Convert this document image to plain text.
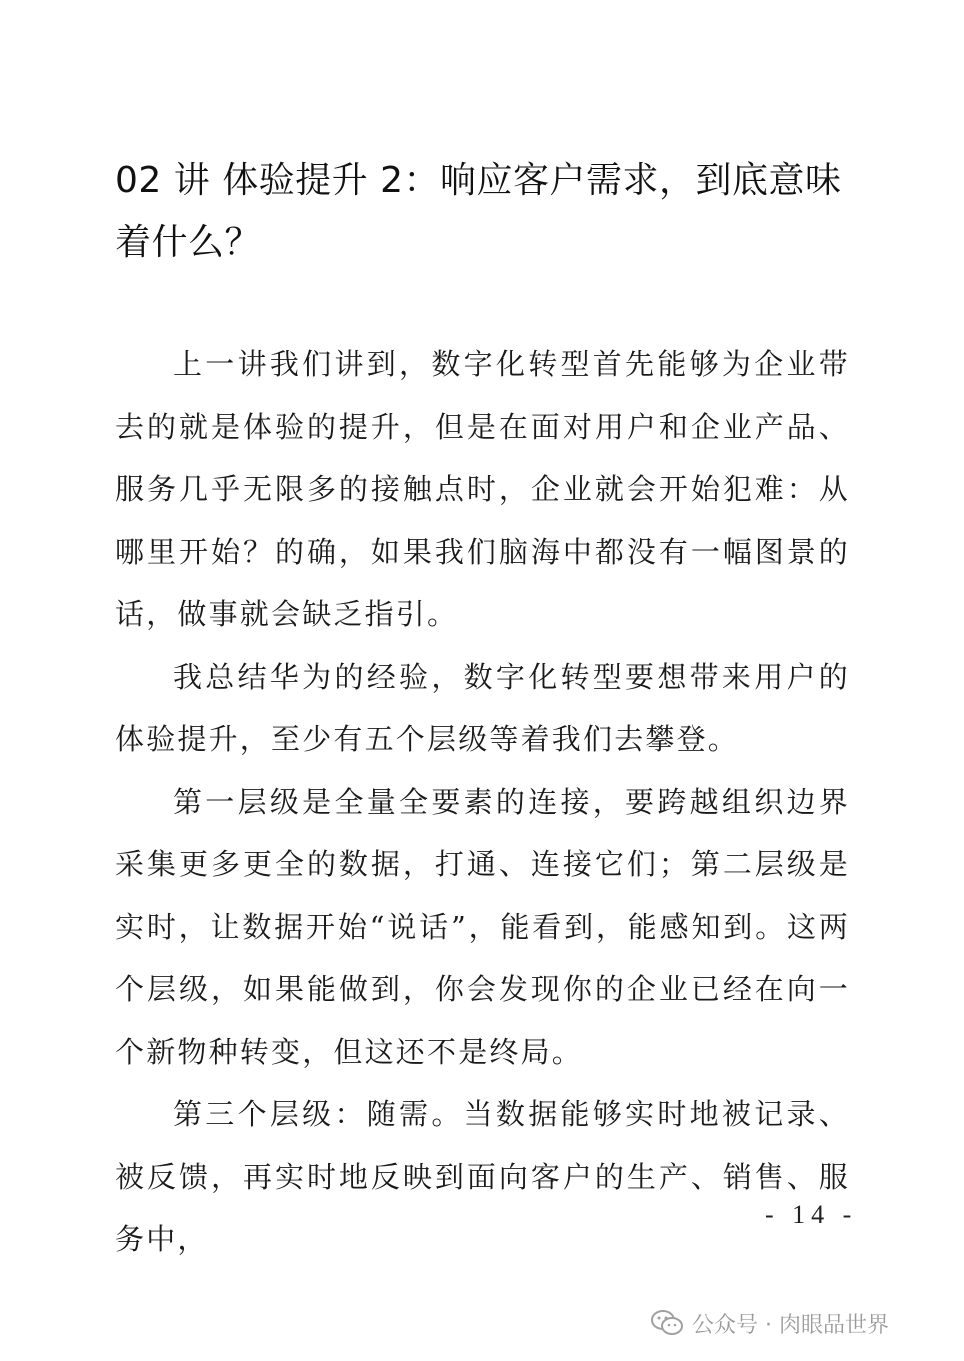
02 讲 体验提升 2：响应客户需求，到底意味着什么？

上一讲我们讲到，数字化转型首先能够为企业带去的就是体验的提升，但是在面对用户和企业产品、服务几乎无限多的接触点时，企业就会开始犯难：从哪里开始？的确，如果我们脑海中都没有一幅图景的话，做事就会缺乏指引。

我总结华为的经验，数字化转型要想带来用户的体验提升，至少有五个层级等着我们去攀登。

第一层级是全量全要素的连接，要跨越组织边界采集更多更全的数据，打通、连接它们；第二层级是实时，让数据开始“说话”，能看到，能感知到。这两个层级，如果能做到，你会发现你的企业已经在向一个新物种转变，但这还不是终局。

第三个层级：随需。当数据能够实时地被记录、被反馈，再实时地反映到面向客户的生产、销售、服务中，

- 14 -
公众号 · 肉眼品世界
